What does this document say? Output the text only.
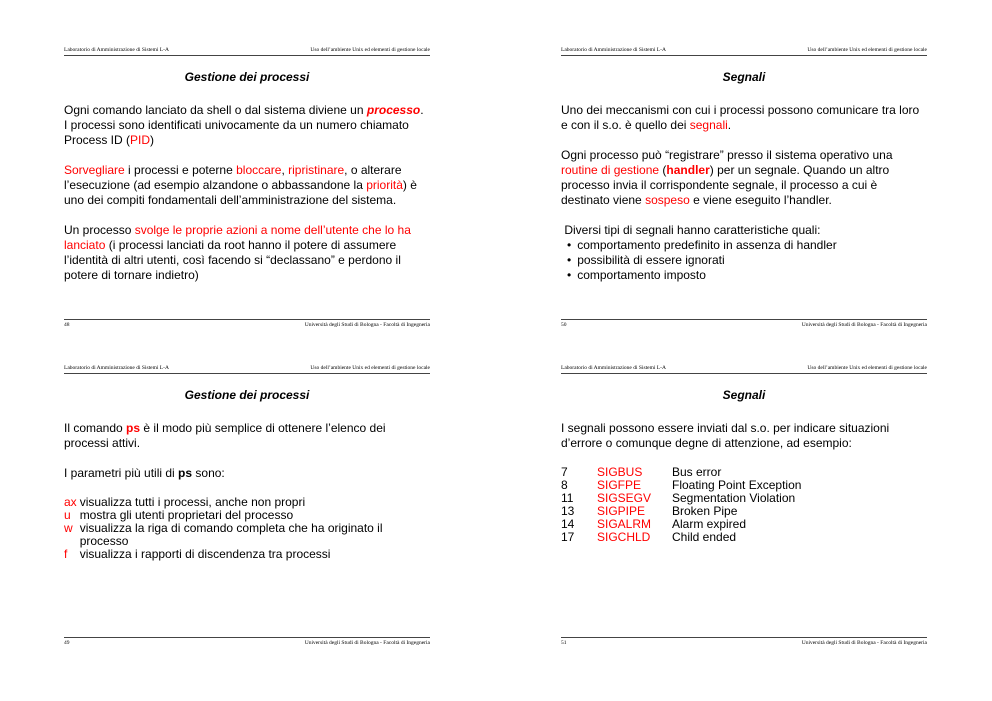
Laboratorio di Amministrazione di Sistemi L-A	Uso dell’ambiente Unix ed elementi di gestione locale
Gestione dei processi

Ogni comando lanciato da shell o dal sistema diviene un processo. I processi sono identificati univocamente da un numero chiamato Process ID (PID)

Sorvegliare i processi e poterne bloccare, ripristinare, o alterare l’esecuzione (ad esempio alzandone o abbassandone la priorità) è uno dei compiti fondamentali dell’amministrazione del sistema.

Un processo svolge le proprie azioni a nome dell’utente che lo ha lanciato (i processi lanciati da root hanno il potere di assumere l’identità di altri utenti, così facendo si “declassano” e perdono il potere di tornare indietro)

48	Università degli Studi di Bologna - Facoltà di Ingegneria
Laboratorio di Amministrazione di Sistemi L-A	Uso dell’ambiente Unix ed elementi di gestione locale
Segnali

Uno dei meccanismi con cui i processi possono comunicare tra loro e con il s.o. è quello dei segnali.

Ogni processo può “registrare” presso il sistema operativo una routine di gestione (handler) per un segnale. Quando un altro processo invia il corrispondente segnale, il processo a cui è destinato viene sospeso e viene eseguito l’handler.

Diversi tipi di segnali hanno caratteristiche quali:
• comportamento predefinito in assenza di handler
• possibilità di essere ignorati
• comportamento imposto
50	Università degli Studi di Bologna - Facoltà di Ingegneria
Laboratorio di Amministrazione di Sistemi L-A	Uso dell’ambiente Unix ed elementi di gestione locale
Gestione dei processi

Il comando ps è il modo più semplice di ottenere l’elenco dei processi attivi.

I parametri più utili di ps sono:

ax	visualizza tutti i processi, anche non propri
u	mostra gli utenti proprietari del processo
w	visualizza la riga di comando completa che ha originato il processo
f	visualizza i rapporti di discendenza tra processi
49	Università degli Studi di Bologna - Facoltà di Ingegneria
Laboratorio di Amministrazione di Sistemi L-A	Uso dell’ambiente Unix ed elementi di gestione locale
Segnali

I segnali possono essere inviati dal s.o. per indicare situazioni d’errore o comunque degne di attenzione, ad esempio:

7	SIGBUS	Bus error
8	SIGFPE	Floating Point Exception
11	SIGSEGV	Segmentation Violation
13	SIGPIPE	Broken Pipe
14	SIGALRM	Alarm expired
17	SIGCHLD	Child ended
51	Università degli Studi di Bologna - Facoltà di Ingegneria
